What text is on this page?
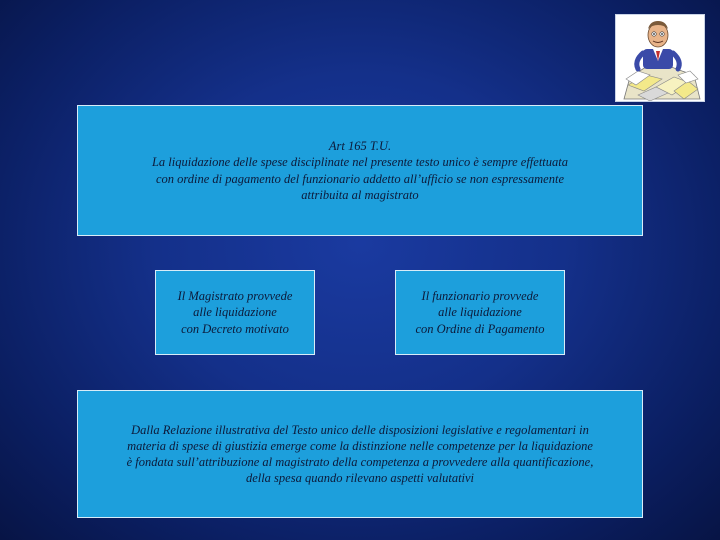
Art 165 T.U.
La liquidazione delle spese disciplinate nel presente testo unico è sempre effettuata
con ordine di pagamento del funzionario addetto all’ufficio se non espressamente
attribuita al magistrato
Il Magistrato provvede
alle liquidazione
con Decreto motivato
Il funzionario provvede
alle liquidazione
con Ordine di Pagamento
Dalla Relazione illustrativa del Testo unico delle disposizioni legislative e regolamentari in
materia di spese di giustizia emerge come la distinzione nelle competenze per la liquidazione
è fondata sull’attribuzione al magistrato della competenza a provvedere alla quantificazione,
della spesa quando rilevano aspetti valutativi
